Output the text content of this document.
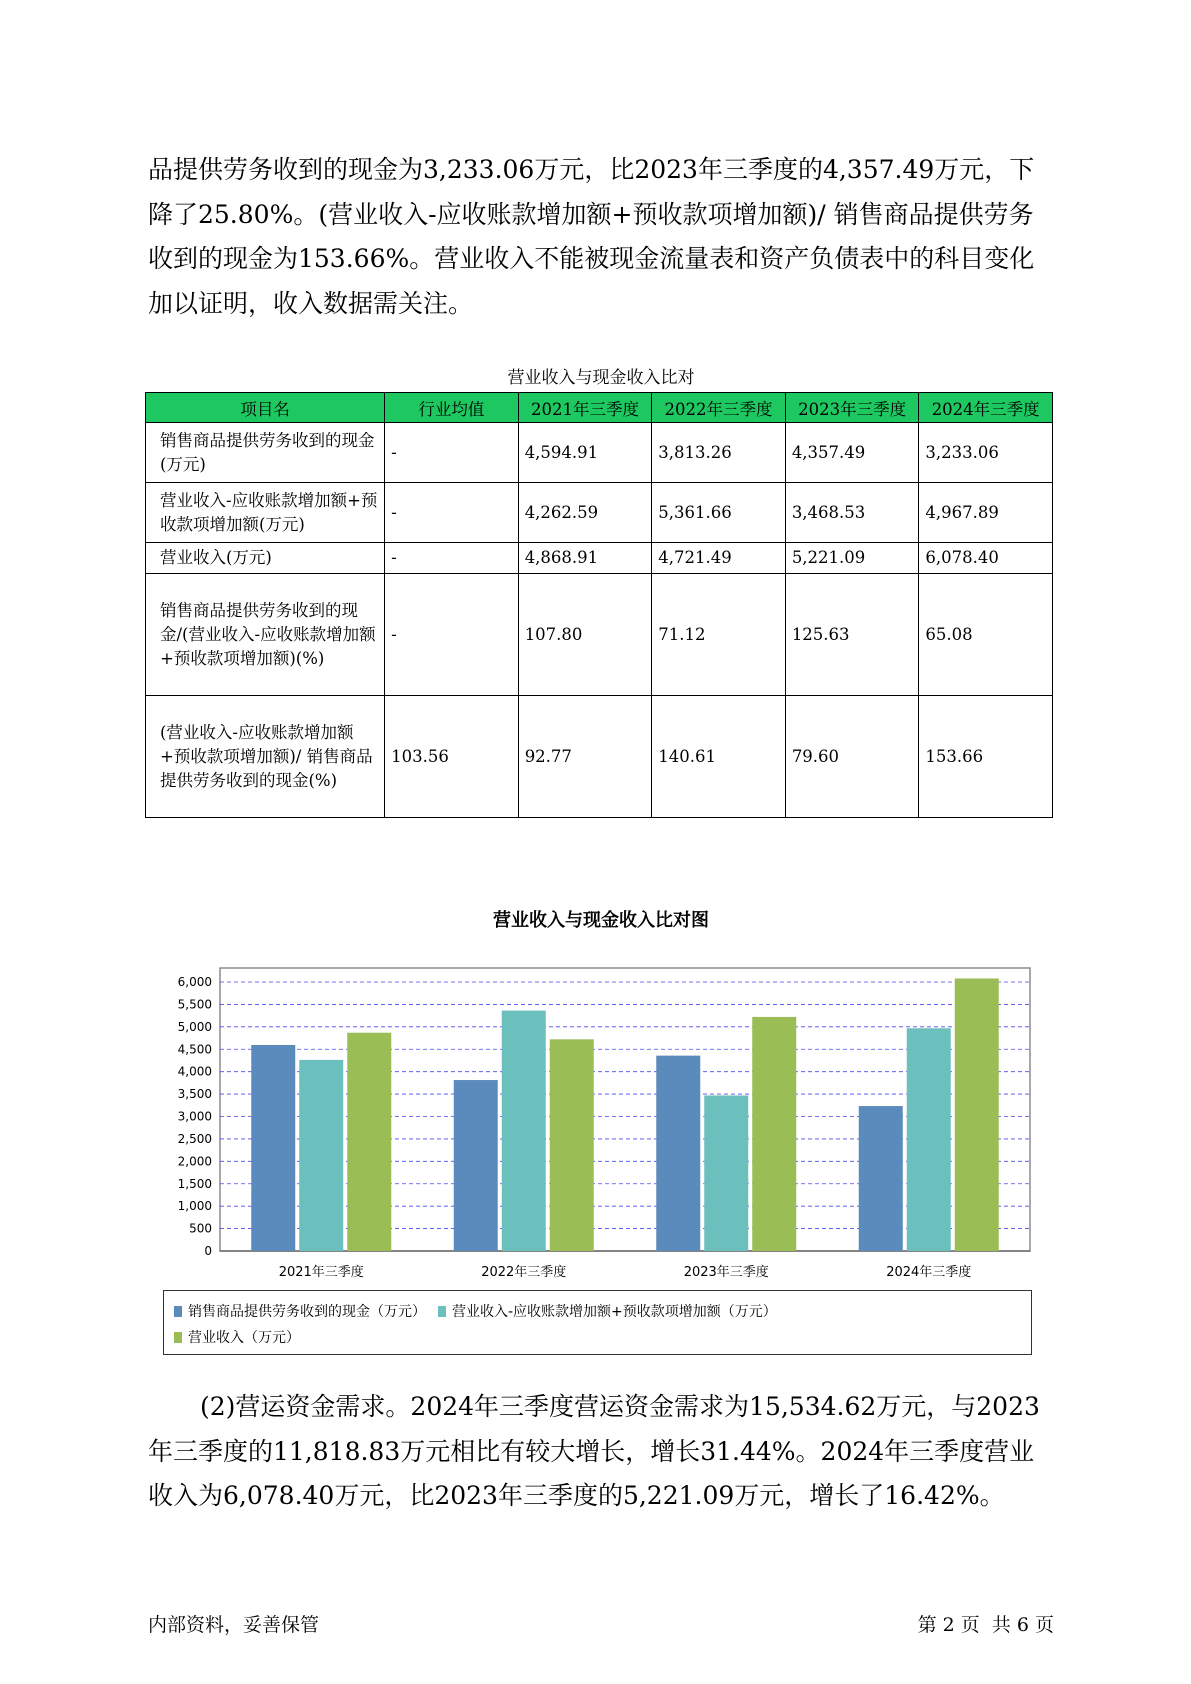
品提供劳务收到的现金为3,233.06万元，比2023年三季度的4,357.49万元，下降了25.80%。(营业收入-应收账款增加额+预收款项增加额)/ 销售商品提供劳务收到的现金为153.66%。营业收入不能被现金流量表和资产负债表中的科目变化加以证明，收入数据需关注。

营业收入与现金收入比对
项目名	行业均值	2021年三季度	2022年三季度	2023年三季度	2024年三季度
销售商品提供劳务收到的现金(万元)	-	4,594.91	3,813.26	4,357.49	3,233.06
营业收入-应收账款增加额+预收款项增加额(万元)	-	4,262.59	5,361.66	3,468.53	4,967.89
营业收入(万元)	-	4,868.91	4,721.49	5,221.09	6,078.40
销售商品提供劳务收到的现金/(营业收入-应收账款增加额+预收款项增加额)(%)	-	107.80	71.12	125.63	65.08
(营业收入-应收账款增加额+预收款项增加额)/ 销售商品提供劳务收到的现金(%)	103.56	92.77	140.61	79.60	153.66
营业收入与现金收入比对图
0
500
1,000
1,500
2,000
2,500
3,000
3,500
4,000
4,500
5,000
5,500
6,000
2021年三季度	2022年三季度	2023年三季度	2024年三季度
销售商品提供劳务收到的现金（万元） 营业收入-应收账款增加额+预收款项增加额（万元）
营业收入（万元）

(2)营运资金需求。2024年三季度营运资金需求为15,534.62万元，与2023年三季度的11,818.83万元相比有较大增长，增长31.44%。2024年三季度营业收入为6,078.40万元，比2023年三季度的5,221.09万元，增长了16.42%。

内部资料，妥善保管	第 2 页  共 6 页
